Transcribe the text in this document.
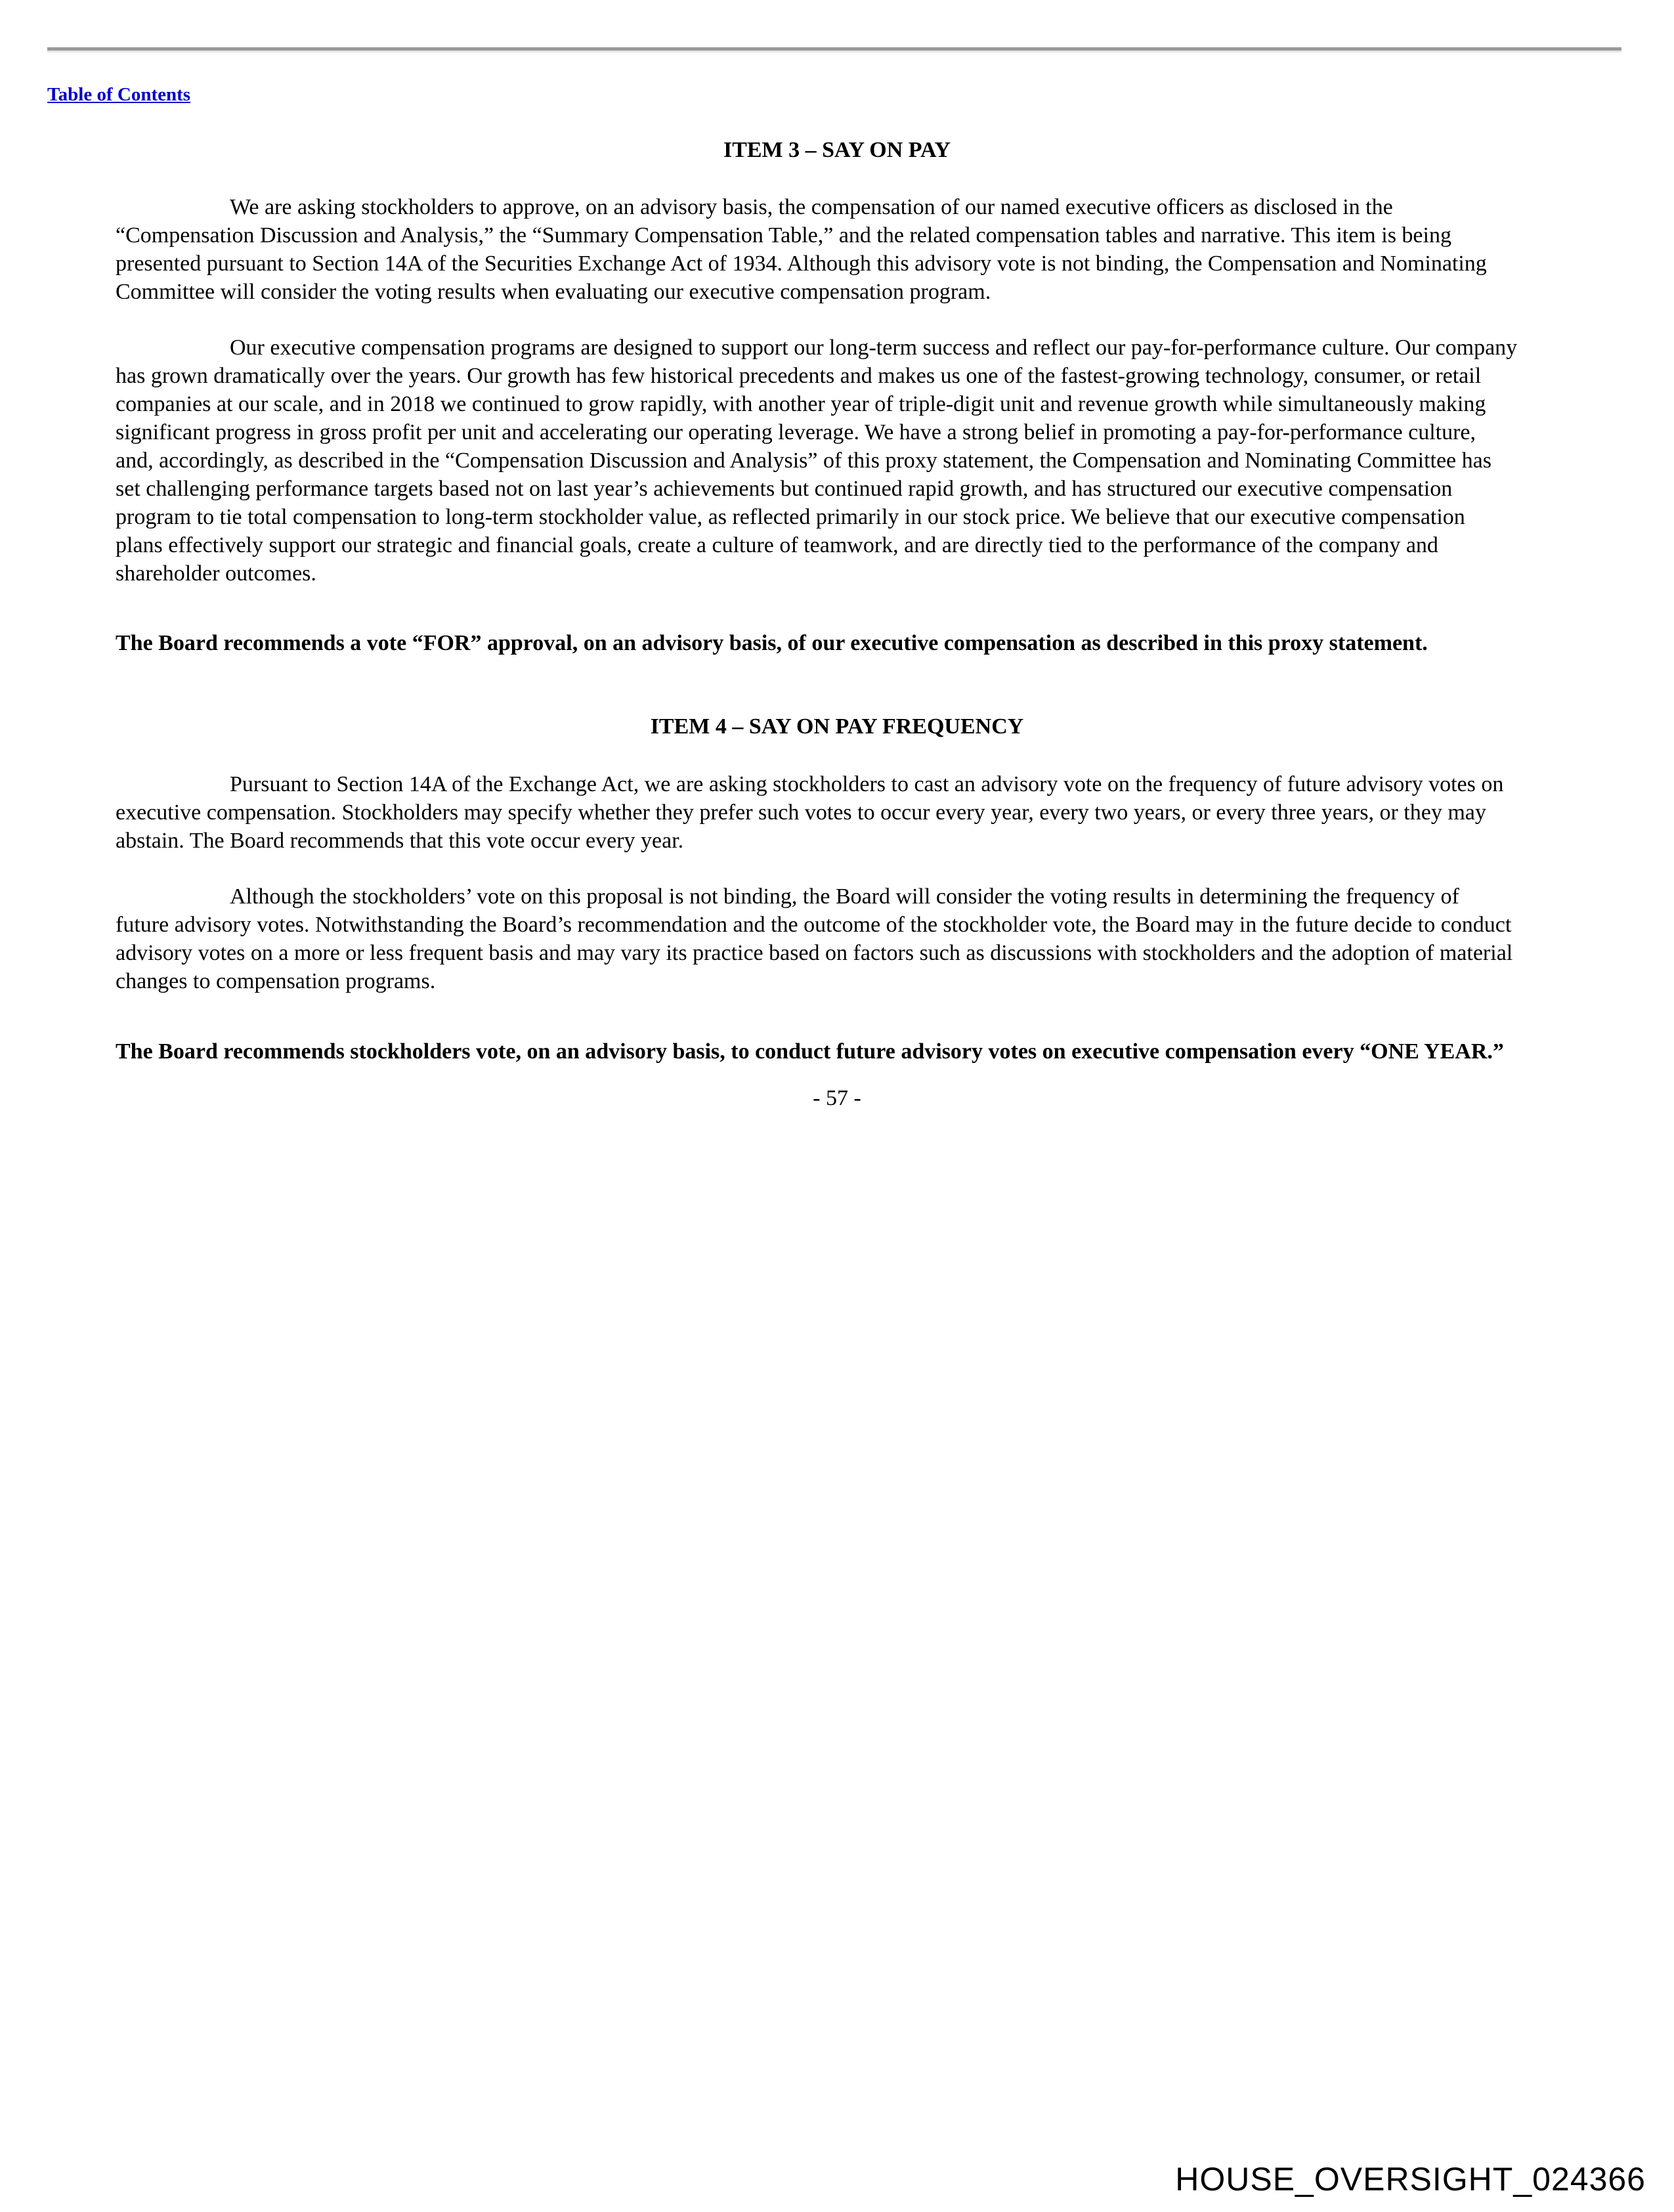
Table of Contents
ITEM 3 – SAY ON PAY
We are asking stockholders to approve, on an advisory basis, the compensation of our named executive officers as disclosed in the
“Compensation Discussion and Analysis,” the “Summary Compensation Table,” and the related compensation tables and narrative. This item is being
presented pursuant to Section 14A of the Securities Exchange Act of 1934. Although this advisory vote is not binding, the Compensation and Nominating
Committee will consider the voting results when evaluating our executive compensation program.
Our executive compensation programs are designed to support our long-term success and reflect our pay-for-performance culture. Our company
has grown dramatically over the years. Our growth has few historical precedents and makes us one of the fastest-growing technology, consumer, or retail
companies at our scale, and in 2018 we continued to grow rapidly, with another year of triple-digit unit and revenue growth while simultaneously making
significant progress in gross profit per unit and accelerating our operating leverage. We have a strong belief in promoting a pay-for-performance culture,
and, accordingly, as described in the “Compensation Discussion and Analysis” of this proxy statement, the Compensation and Nominating Committee has
set challenging performance targets based not on last year’s achievements but continued rapid growth, and has structured our executive compensation
program to tie total compensation to long-term stockholder value, as reflected primarily in our stock price. We believe that our executive compensation
plans effectively support our strategic and financial goals, create a culture of teamwork, and are directly tied to the performance of the company and
shareholder outcomes.
The Board recommends a vote “FOR” approval, on an advisory basis, of our executive compensation as described in this proxy statement.
ITEM 4 – SAY ON PAY FREQUENCY
Pursuant to Section 14A of the Exchange Act, we are asking stockholders to cast an advisory vote on the frequency of future advisory votes on
executive compensation. Stockholders may specify whether they prefer such votes to occur every year, every two years, or every three years, or they may
abstain. The Board recommends that this vote occur every year.
Although the stockholders’ vote on this proposal is not binding, the Board will consider the voting results in determining the frequency of
future advisory votes. Notwithstanding the Board’s recommendation and the outcome of the stockholder vote, the Board may in the future decide to conduct
advisory votes on a more or less frequent basis and may vary its practice based on factors such as discussions with stockholders and the adoption of material
changes to compensation programs.
The Board recommends stockholders vote, on an advisory basis, to conduct future advisory votes on executive compensation every “ONE YEAR.”
- 57 -
HOUSE_OVERSIGHT_024366
